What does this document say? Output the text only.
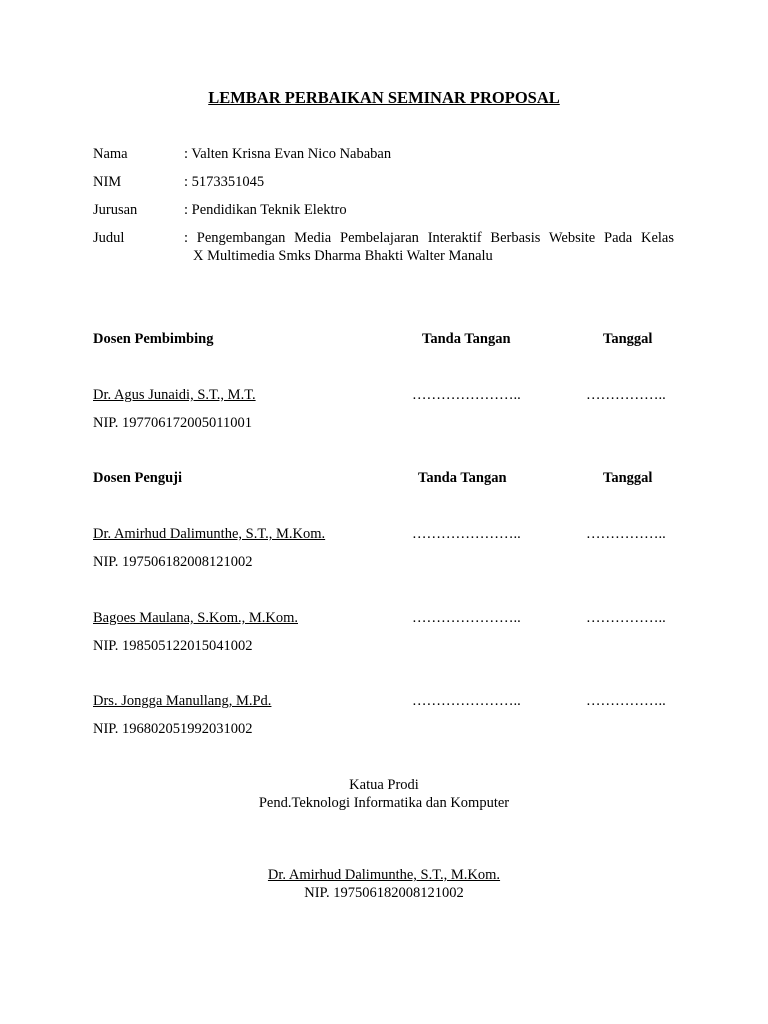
LEMBAR PERBAIKAN SEMINAR PROPOSAL
Nama	: Valten Krisna Evan Nico Nababan
NIM	: 5173351045
Jurusan	: Pendidikan Teknik Elektro
Judul	: Pengembangan Media Pembelajaran Interaktif Berbasis Website Pada Kelas
X Multimedia Smks Dharma Bhakti Walter Manalu
Dosen Pembimbing	Tanda Tangan	Tanggal
Dr. Agus Junaidi, S.T., M.T.	…………………..	……………..
NIP. 197706172005011001
Dosen Penguji	Tanda Tangan	Tanggal
Dr. Amirhud Dalimunthe, S.T., M.Kom.	…………………..	……………..
NIP. 197506182008121002
Bagoes Maulana, S.Kom., M.Kom.	…………………..	……………..
NIP. 198505122015041002
Drs. Jongga Manullang, M.Pd.	…………………..	……………..
NIP. 196802051992031002
Katua Prodi
Pend.Teknologi Informatika dan Komputer
Dr. Amirhud Dalimunthe, S.T., M.Kom.
NIP. 197506182008121002
